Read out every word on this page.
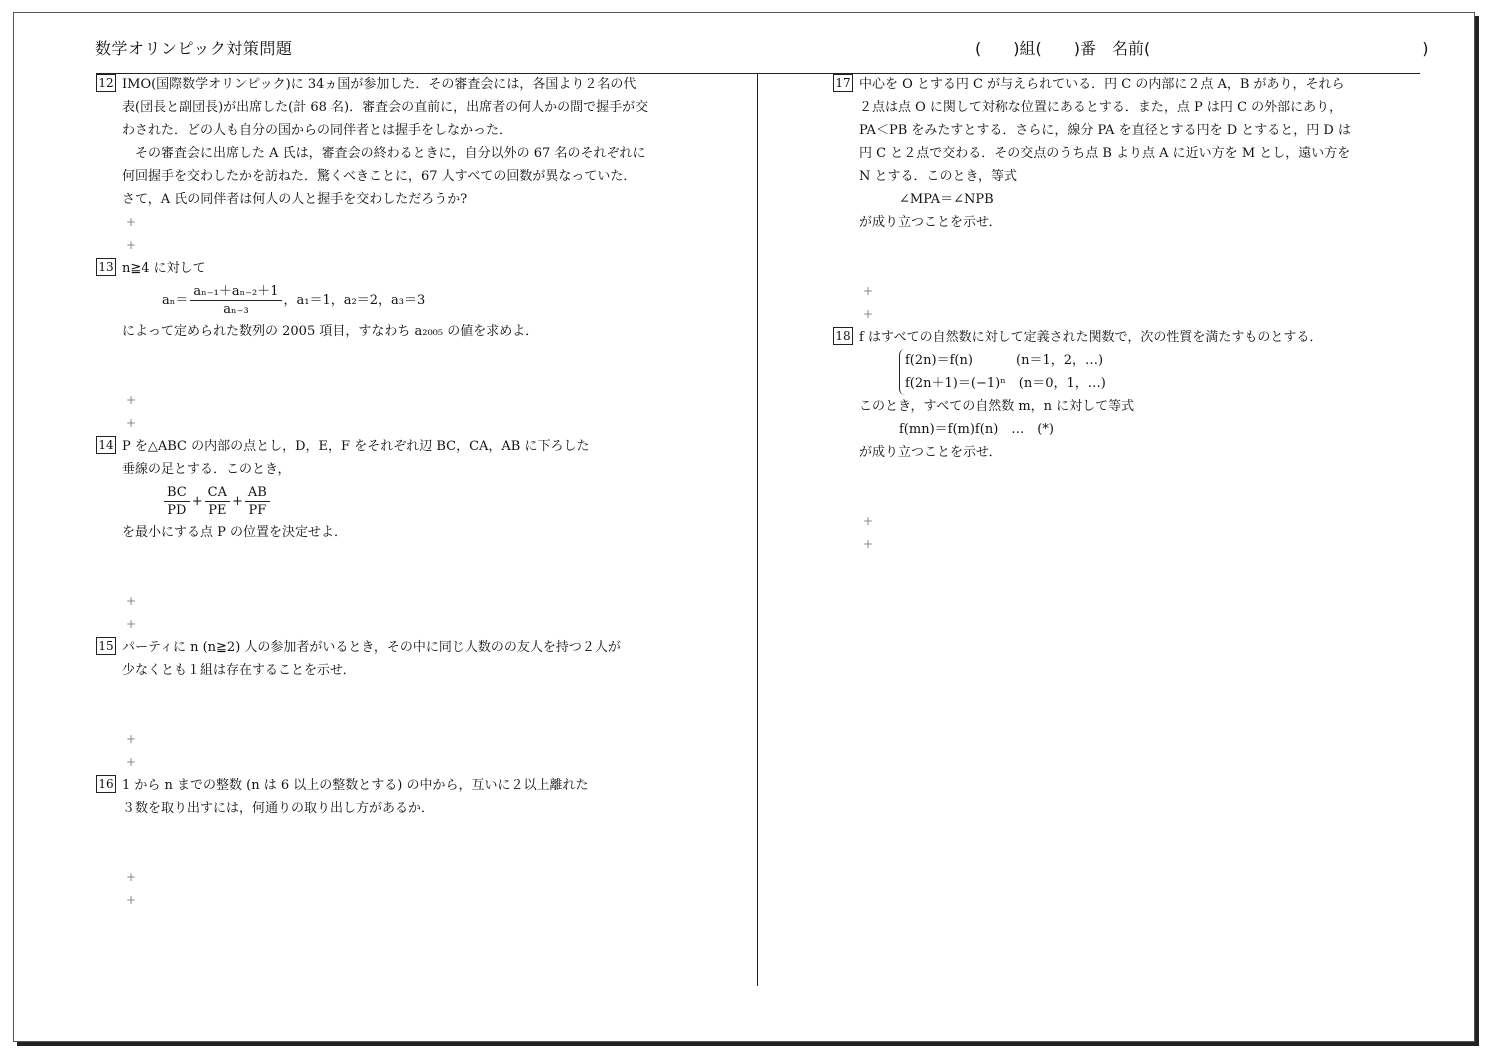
数学オリンピック対策問題	(　　)組(　　)番　名前(　　　　　　　　　　　　　　　　　)
12 IMO(国際数学オリンピック)に 34ヵ国が参加した．その審査会には，各国より２名の代
表(団長と副団長)が出席した(計 68 名)．審査会の直前に，出席者の何人かの間で握手が交
わされた．どの人も自分の国からの同伴者とは握手をしなかった．
　その審査会に出席した A 氏は，審査会の終わるときに，自分以外の 67 名のそれぞれに
何回握手を交わしたかを訪ねた．驚くべきことに，67 人すべての回数が異なっていた．
さて，A 氏の同伴者は何人の人と握手を交わしただろうか?
+
+
13 n≧4 に対して
$a_n= \frac{\text{aₙ₋₁＋aₙ₋₂＋1}}{\text{aₙ₋₃}}$ ，a₁＝1，a₂＝2，a₃＝3
によって定められた数列の 2005 項目，すなわち a₂₀₀₅ の値を求めよ．
+
+
14 P を△ABC の内部の点とし，D，E，F をそれぞれ辺 BC，CA，AB に下ろした
垂線の足とする．このとき，
$\frac{BC}{PD} + \frac{CA}{PE} + \frac{AB}{PF}$
を最小にする点 P の位置を決定せよ．
+
+
15 パーティに n (n≧2) 人の参加者がいるとき，その中に同じ人数のの友人を持つ２人が
少なくとも１組は存在することを示せ．
+
+
16 1 から n までの整数 (n は 6 以上の整数とする) の中から，互いに２以上離れた
３数を取り出すには，何通りの取り出し方があるか．
+
+
17 中心を O とする円 C が与えられている．円 C の内部に２点 A，B があり，それら
２点は点 O に関して対称な位置にあるとする．また，点 P は円 C の外部にあり，
PA＜PB をみたすとする．さらに，線分 PA を直径とする円を D とすると，円 D は
円 C と２点で交わる．その交点のうち点 B より点 A に近い方を M とし，遠い方を
N とする．このとき，等式
∠MPA＝∠NPB
が成り立つことを示せ．
+
+
18 f はすべての自然数に対して定義された関数で，次の性質を満たすものとする．
f(2n)＝f(n)　　　 (n＝1，2，…)
f(2n＋1)＝(−1)ⁿ　(n＝0，1，…)
このとき，すべての自然数 m，n に対して等式
f(mn)＝f(m)f(n)　…　(*)
が成り立つことを示せ．
+
+
